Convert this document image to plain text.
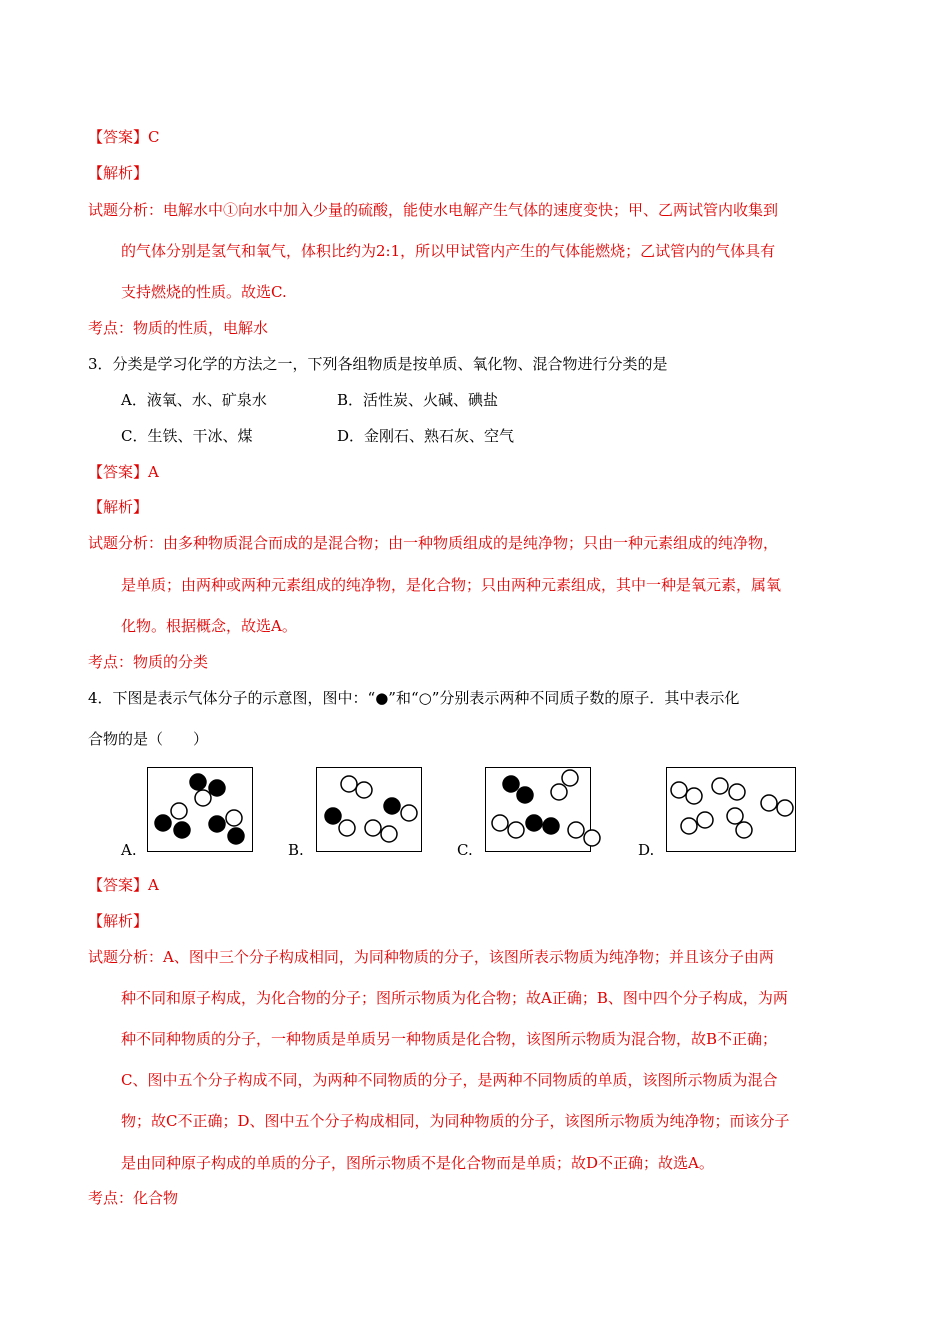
【答案】C
【解析】
试题分析：电解水中①向水中加入少量的硫酸，能使水电解产生气体的速度变快；甲、乙两试管内收集到
的气体分别是氢气和氧气，体积比约为2:1，所以甲试管内产生的气体能燃烧；乙试管内的气体具有
支持燃烧的性质。故选C.
考点：物质的性质，电解水
3．分类是学习化学的方法之一，下列各组物质是按单质、氧化物、混合物进行分类的是
A．液氧、水、矿泉水	B．活性炭、火碱、碘盐
C．生铁、干冰、煤	D．金刚石、熟石灰、空气
【答案】A
【解析】
试题分析：由多种物质混合而成的是混合物；由一种物质组成的是纯净物；只由一种元素组成的纯净物，
是单质；由两种或两种元素组成的纯净物，是化合物；只由两种元素组成，其中一种是氧元素，属氧
化物。根据概念，故选A。
考点：物质的分类
4．下图是表示气体分子的示意图，图中：“●”和“○”分别表示两种不同质子数的原子．其中表示化
合物的是（　　）
A.	B.	C.	D.
【答案】A
【解析】
试题分析：A、图中三个分子构成相同，为同种物质的分子，该图所表示物质为纯净物；并且该分子由两
种不同和原子构成，为化合物的分子；图所示物质为化合物；故A正确；B、图中四个分子构成，为两
种不同种物质的分子，一种物质是单质另一种物质是化合物，该图所示物质为混合物，故B不正确；
C、图中五个分子构成不同，为两种不同物质的分子，是两种不同物质的单质，该图所示物质为混合
物；故C不正确；D、图中五个分子构成相同，为同种物质的分子，该图所示物质为纯净物；而该分子
是由同种原子构成的单质的分子，图所示物质不是化合物而是单质；故D不正确；故选A。
考点：化合物
